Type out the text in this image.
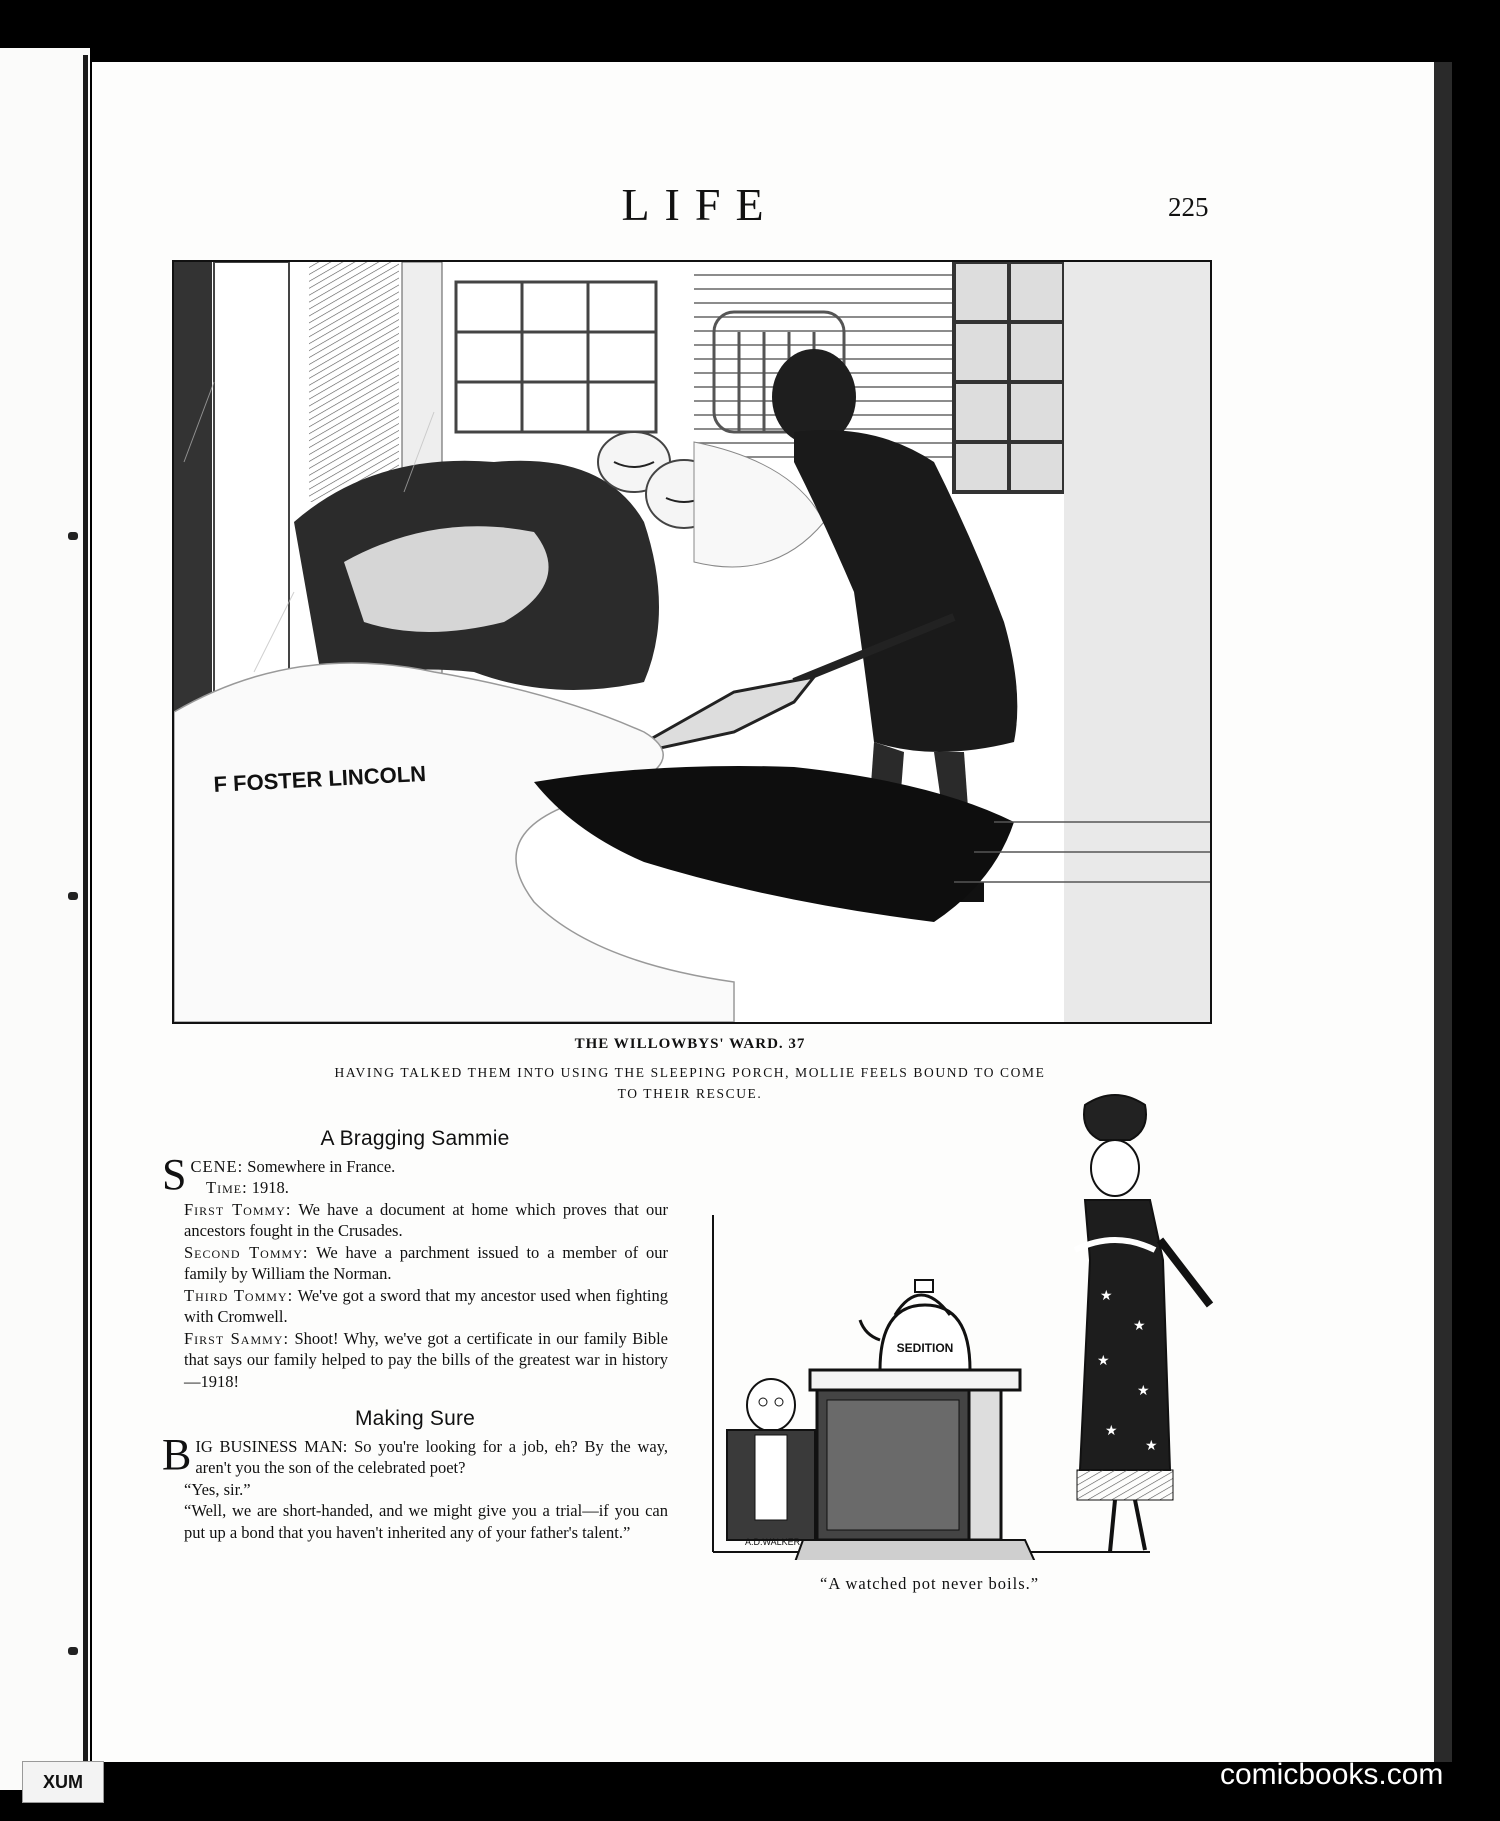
LIFE	225
F FOSTER LINCOLN
THE WILLOWBYS' WARD. 37
HAVING TALKED THEM INTO USING THE SLEEPING PORCH, MOLLIE FEELS BOUND TO COME TO THEIR RESCUE.
A Bragging Sammie

S CENE: Somewhere in France.

Time: 1918.

First Tommy: We have a document at home which proves that our ancestors fought in the Crusades.

Second Tommy: We have a parchment issued to a member of our family by William the Norman.

Third Tommy: We've got a sword that my ancestor used when fighting with Cromwell.

First Sammy: Shoot! Why, we've got a certificate in our family Bible that says our family helped to pay the bills of the greatest war in history—1918!

Making Sure

B IG BUSINESS MAN: So you're looking for a job, eh? By the way, aren't you the son of the celebrated poet?

“Yes, sir.”

“Well, we are short-handed, and we might give you a trial—if you can put up a bond that you haven't inherited any of your father's talent.”

SEDITION
★
★
★
★
★
★
A.D.WALKER
“A watched pot never boils.”
XUM	comicbooks.com
